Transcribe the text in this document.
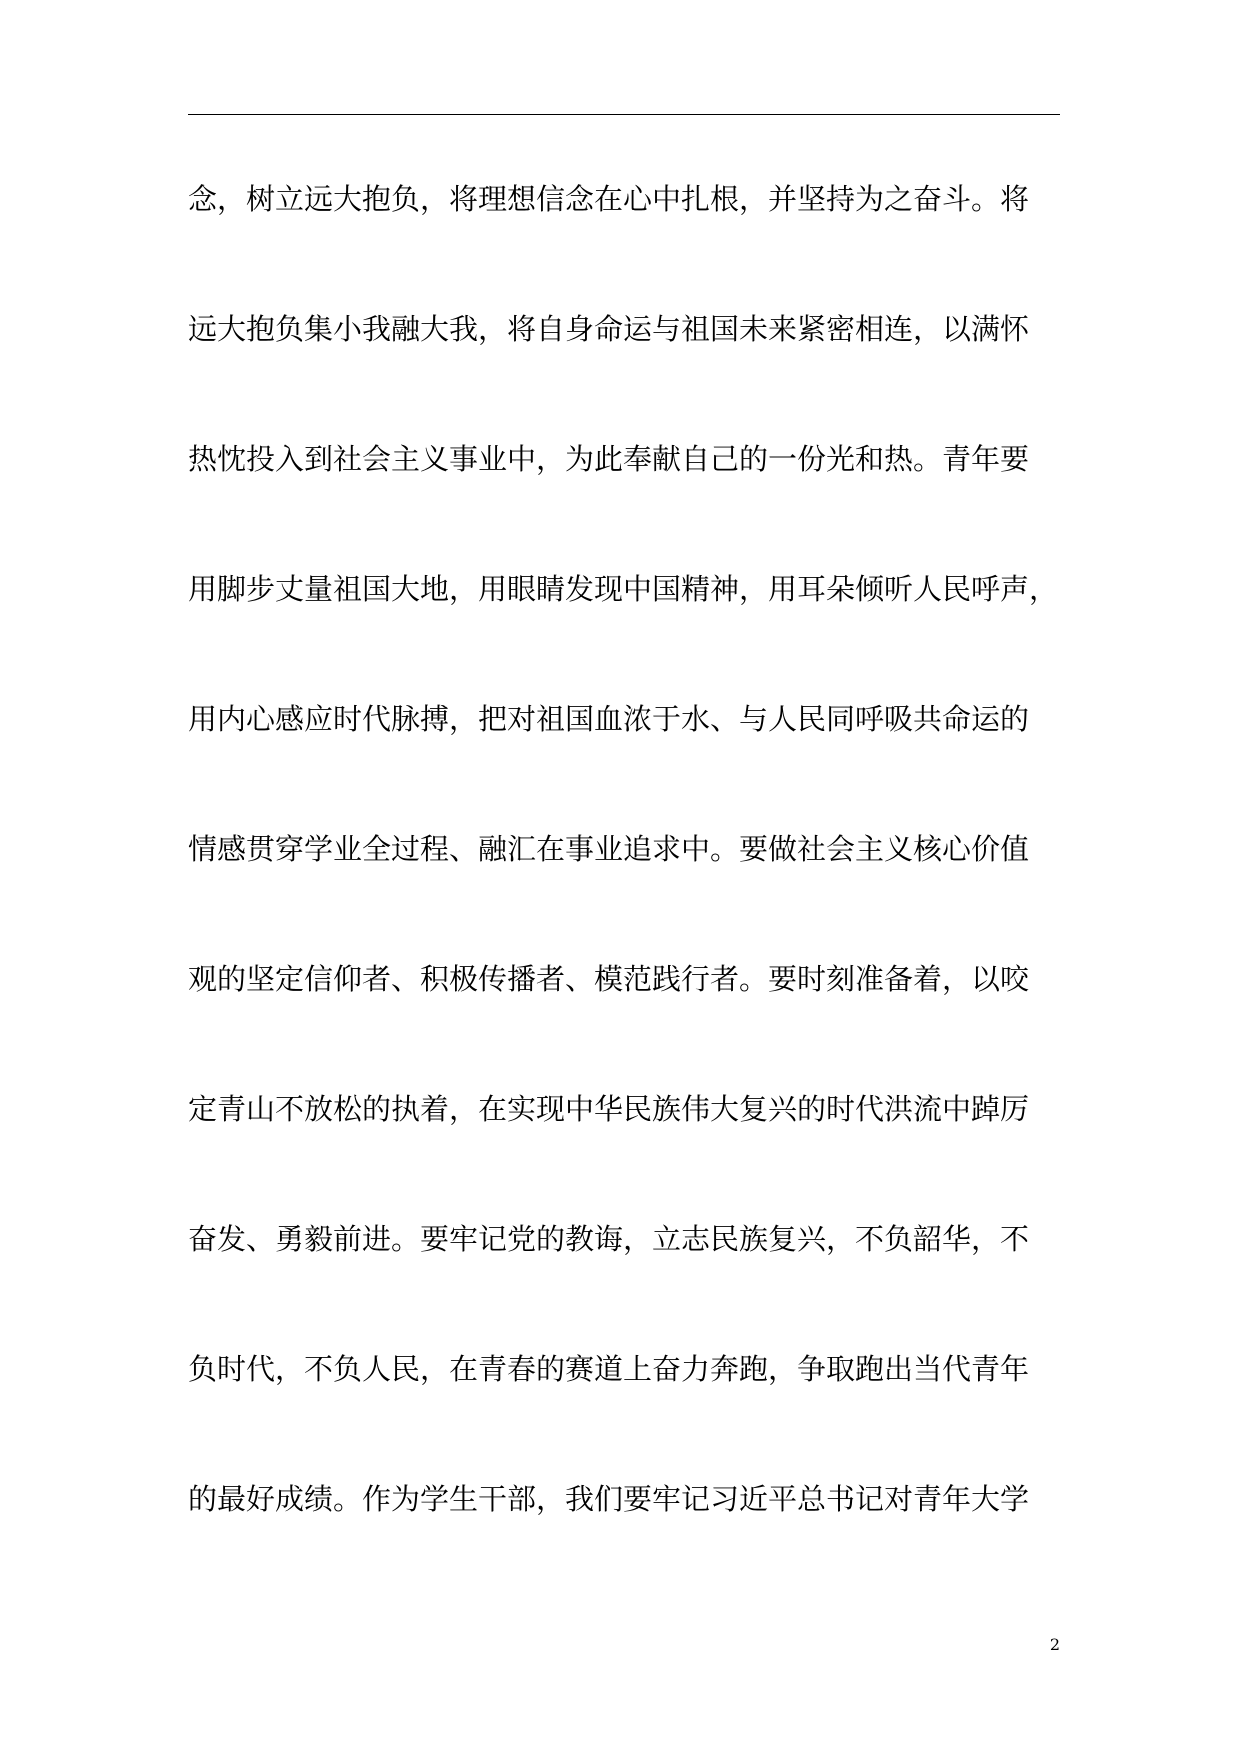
念，树立远大抱负，将理想信念在心中扎根，并坚持为之奋斗。将
远大抱负集小我融大我，将自身命运与祖国未来紧密相连，以满怀
热忱投入到社会主义事业中，为此奉献自己的一份光和热。青年要
用脚步丈量祖国大地，用眼睛发现中国精神，用耳朵倾听人民呼声，
用内心感应时代脉搏，把对祖国血浓于水、与人民同呼吸共命运的
情感贯穿学业全过程、融汇在事业追求中。要做社会主义核心价值
观的坚定信仰者、积极传播者、模范践行者。要时刻准备着，以咬
定青山不放松的执着，在实现中华民族伟大复兴的时代洪流中踔厉
奋发、勇毅前进。要牢记党的教诲，立志民族复兴，不负韶华，不
负时代，不负人民，在青春的赛道上奋力奔跑，争取跑出当代青年
的最好成绩。作为学生干部，我们要牢记习近平总书记对青年大学
2
